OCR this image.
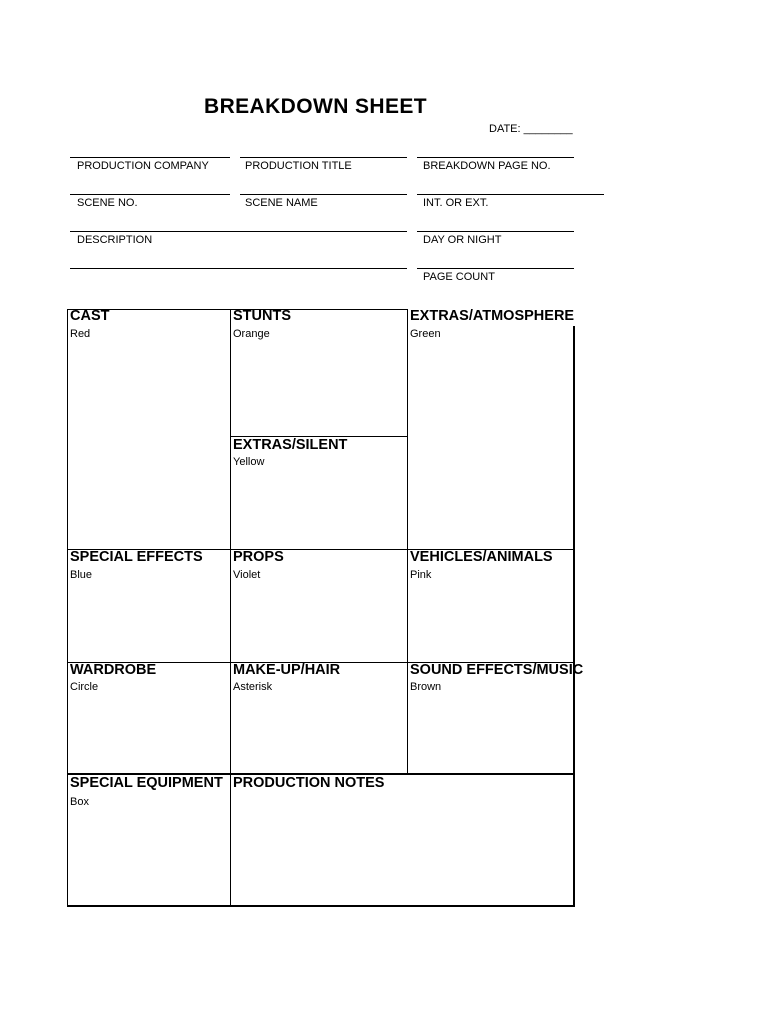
BREAKDOWN SHEET
DATE: ________
PRODUCTION COMPANY	PRODUCTION TITLE	BREAKDOWN PAGE NO.
SCENE NO.	SCENE NAME	INT. OR EXT.
DESCRIPTION	DAY OR NIGHT
PAGE COUNT
CAST
Red
STUNTS
Orange
EXTRAS/ATMOSPHERE
Green
EXTRAS/SILENT
Yellow
SPECIAL EFFECTS
Blue
PROPS
Violet
VEHICLES/ANIMALS
Pink
WARDROBE
Circle
MAKE-UP/HAIR
Asterisk
SOUND EFFECTS/MUSIC
Brown
SPECIAL EQUIPMENT
Box
PRODUCTION NOTES
